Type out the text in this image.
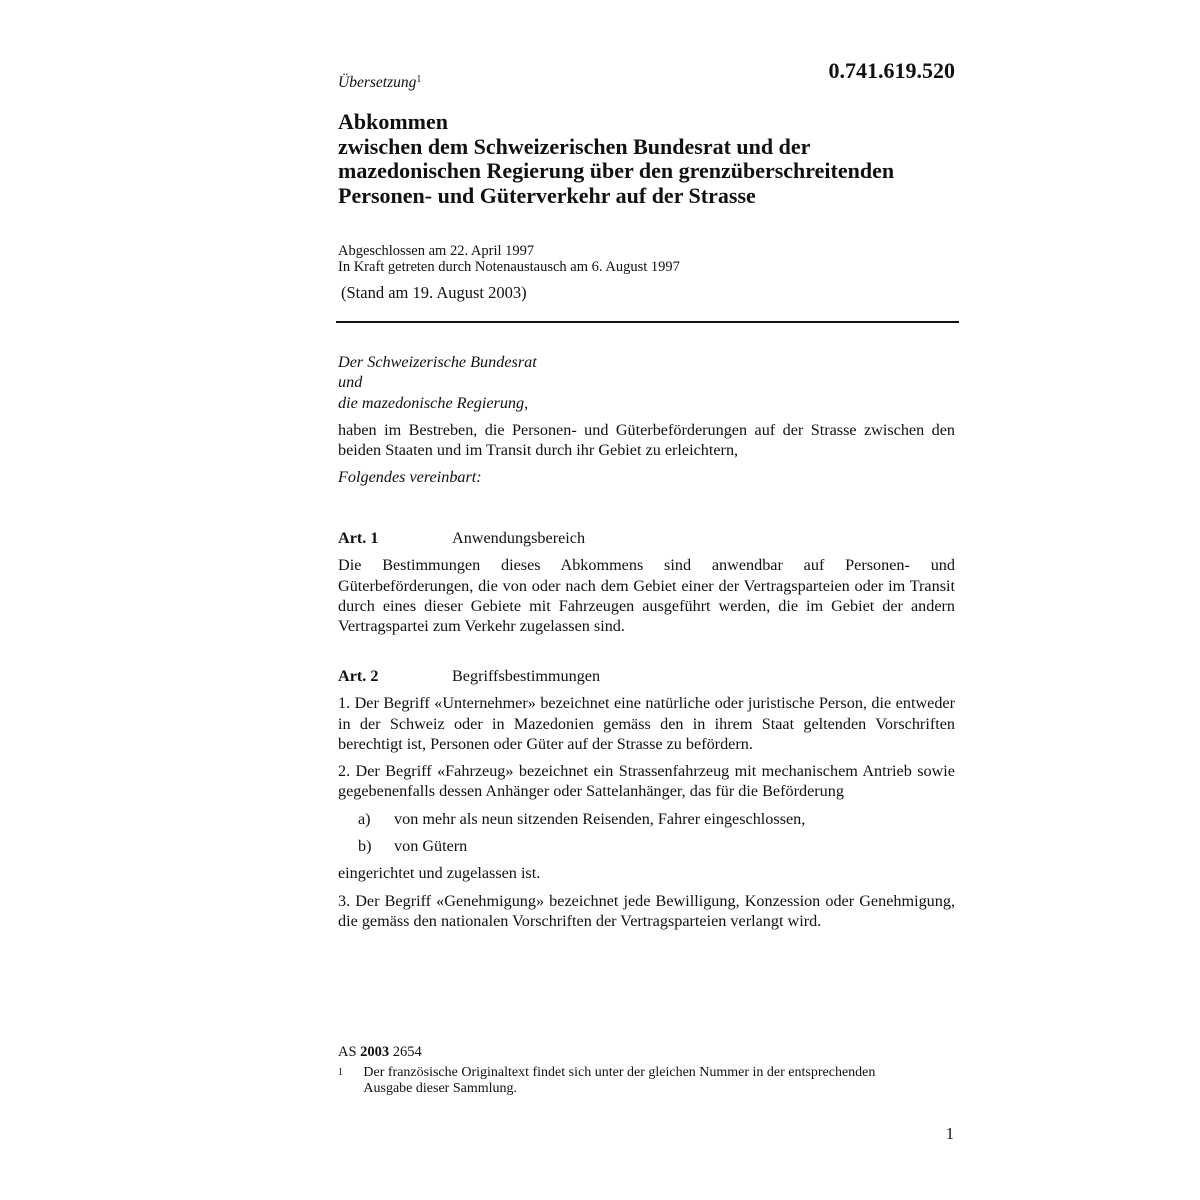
0.741.619.520
Übersetzung$^1$
Abkommen
zwischen dem Schweizerischen Bundesrat und der
mazedonischen Regierung über den grenzüberschreitenden
Personen- und Güterverkehr auf der Strasse
Abgeschlossen am 22. April 1997
In Kraft getreten durch Notenaustausch am 6. August 1997
(Stand am 19. August 2003)
Der Schweizerische Bundesrat
und
die mazedonische Regierung,
haben im Bestreben, die Personen- und Güterbeförderungen auf der Strasse zwischen den beiden Staaten und im Transit durch ihr Gebiet zu erleichtern,
Folgendes vereinbart:
Art. 1	Anwendungsbereich
Die Bestimmungen dieses Abkommens sind anwendbar auf Personen- und Güterbeförderungen, die von oder nach dem Gebiet einer der Vertragsparteien oder im Transit durch eines dieser Gebiete mit Fahrzeugen ausgeführt werden, die im Gebiet der andern Vertragspartei zum Verkehr zugelassen sind.
Art. 2	Begriffsbestimmungen
1. Der Begriff «Unternehmer» bezeichnet eine natürliche oder juristische Person, die entweder in der Schweiz oder in Mazedonien gemäss den in ihrem Staat geltenden Vorschriften berechtigt ist, Personen oder Güter auf der Strasse zu befördern.
2. Der Begriff «Fahrzeug» bezeichnet ein Strassenfahrzeug mit mechanischem Antrieb sowie gegebenenfalls dessen Anhänger oder Sattelanhänger, das für die Beförderung
a)	von mehr als neun sitzenden Reisenden, Fahrer eingeschlossen,
b)	von Gütern
eingerichtet und zugelassen ist.
3. Der Begriff «Genehmigung» bezeichnet jede Bewilligung, Konzession oder Genehmigung, die gemäss den nationalen Vorschriften der Vertragsparteien verlangt wird.
AS 2003 2654
1	Der französische Originaltext findet sich unter der gleichen Nummer in der entsprechenden Ausgabe dieser Sammlung.
1
